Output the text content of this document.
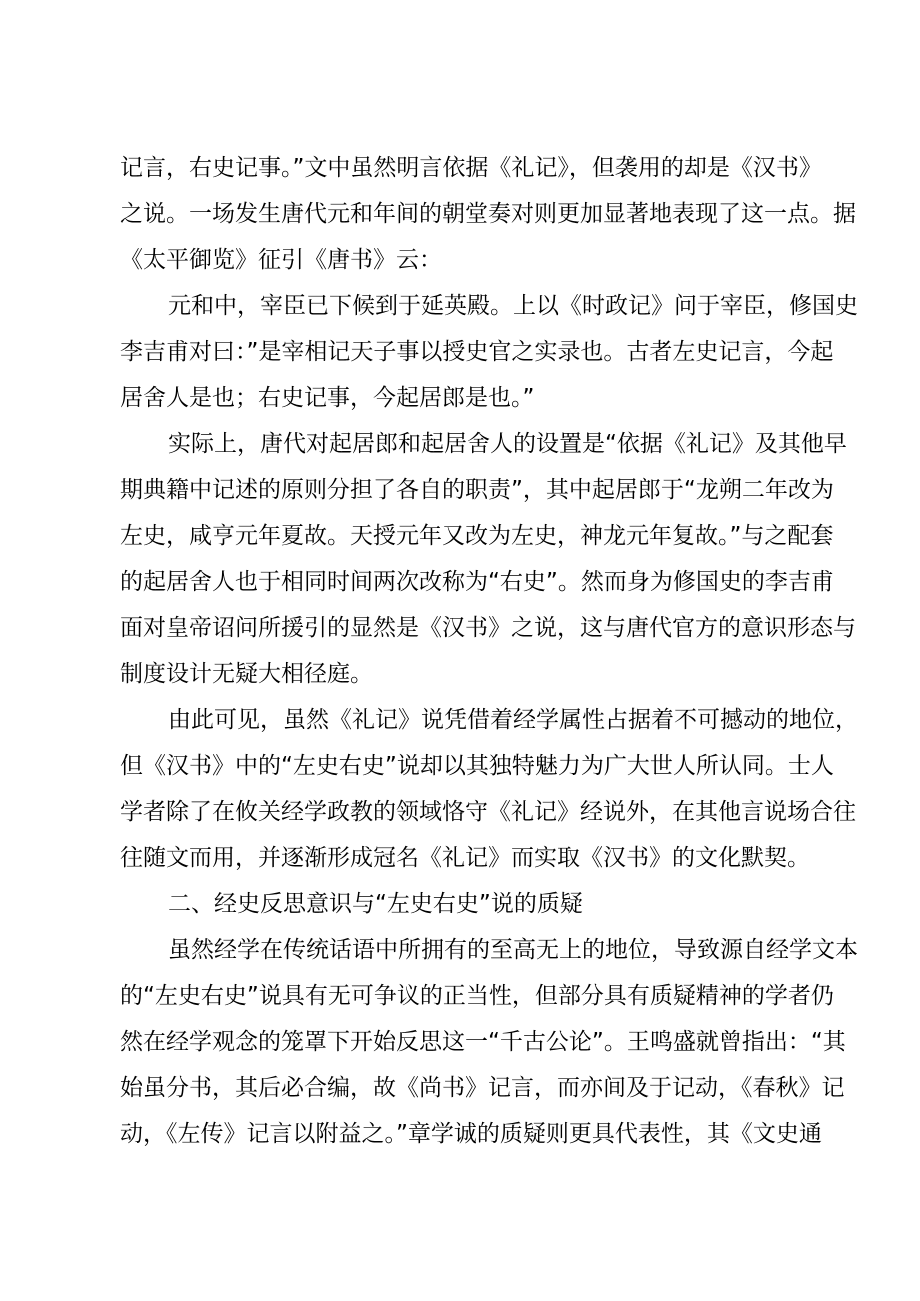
记言，右史记事。”文中虽然明言依据《礼记》，但袭用的却是《汉书》
之说。一场发生唐代元和年间的朝堂奏对则更加显著地表现了这一点。据
《太平御览》征引《唐书》云：
元和中，宰臣已下候到于延英殿。上以《时政记》问于宰臣，修国史
李吉甫对曰：”是宰相记天子事以授史官之实录也。古者左史记言，今起
居舍人是也；右史记事，今起居郎是也。”
实际上，唐代对起居郎和起居舍人的设置是“依据《礼记》及其他早
期典籍中记述的原则分担了各自的职责”，其中起居郎于“龙朔二年改为
左史，咸亨元年夏故。天授元年又改为左史，神龙元年复故。”与之配套
的起居舍人也于相同时间两次改称为“右史”。然而身为修国史的李吉甫
面对皇帝诏问所援引的显然是《汉书》之说，这与唐代官方的意识形态与
制度设计无疑大相径庭。
由此可见，虽然《礼记》说凭借着经学属性占据着不可撼动的地位，
但《汉书》中的“左史右史”说却以其独特魅力为广大世人所认同。士人
学者除了在攸关经学政教的领域恪守《礼记》经说外，在其他言说场合往
往随文而用，并逐渐形成冠名《礼记》而实取《汉书》的文化默契。
二、经史反思意识与“左史右史”说的质疑
虽然经学在传统话语中所拥有的至高无上的地位，导致源自经学文本
的“左史右史”说具有无可争议的正当性，但部分具有质疑精神的学者仍
然在经学观念的笼罩下开始反思这一“千古公论”。王鸣盛就曾指出：“其
始虽分书，其后必合编，故《尚书》记言，而亦间及于记动，《春秋》记
动，《左传》记言以附益之。”章学诚的质疑则更具代表性，其《文史通
